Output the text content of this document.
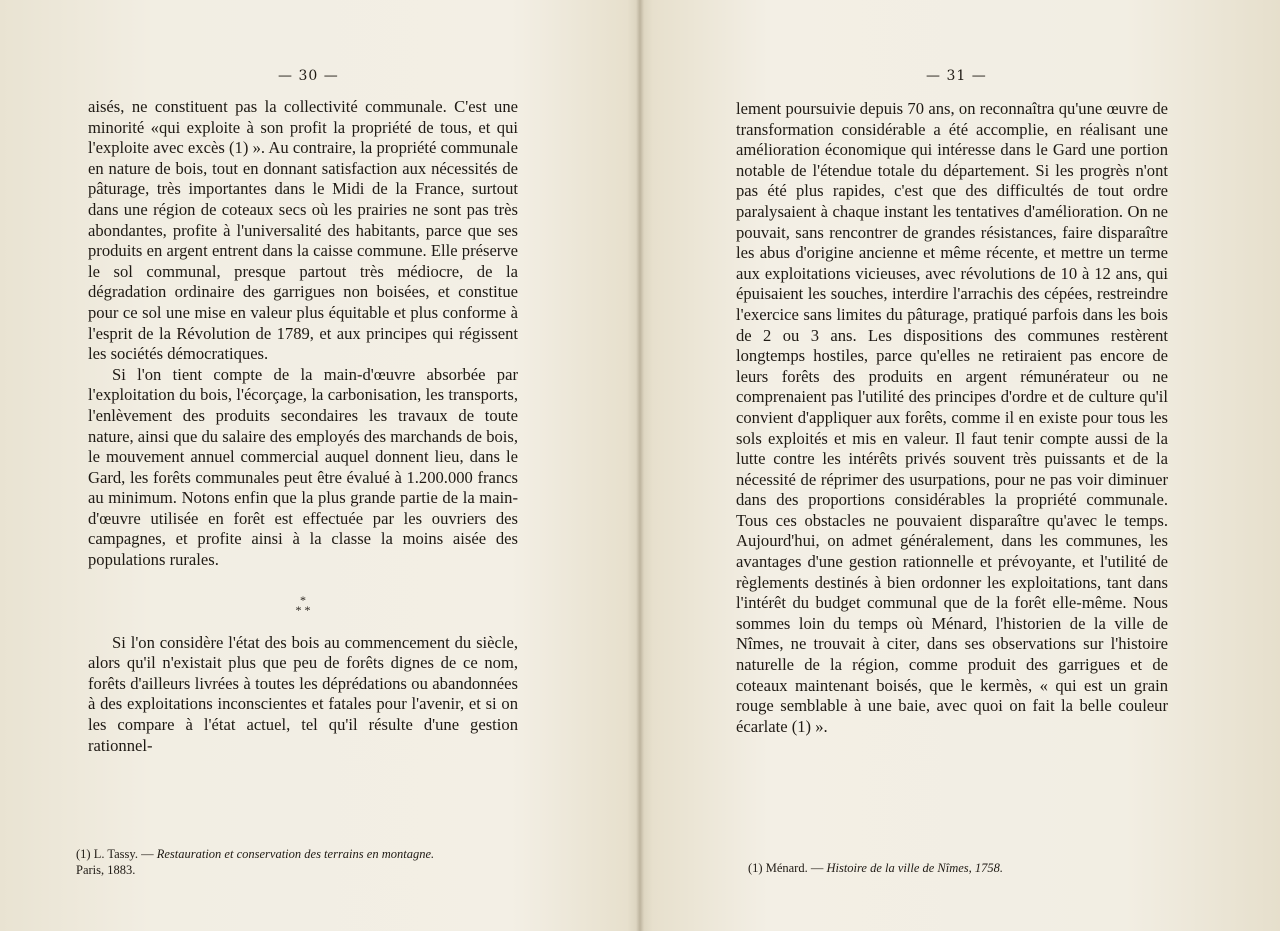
— 30 —

aisés, ne constituent pas la collectivité communale. C'est une minorité «qui exploite à son profit la propriété de tous, et qui l'exploite avec excès (1) ». Au contraire, la propriété communale en nature de bois, tout en donnant satisfaction aux nécessités de pâturage, très importantes dans le Midi de la France, surtout dans une région de coteaux secs où les prairies ne sont pas très abondantes, profite à l'universalité des habitants, parce que ses produits en argent entrent dans la caisse commune. Elle préserve le sol communal, presque partout très médiocre, de la dégradation ordinaire des garrigues non boisées, et constitue pour ce sol une mise en valeur plus équitable et plus conforme à l'esprit de la Révolution de 1789, et aux principes qui régissent les sociétés démocratiques.

Si l'on tient compte de la main-d'œuvre absorbée par l'exploitation du bois, l'écorçage, la carbonisation, les transports, l'enlèvement des produits secondaires les travaux de toute nature, ainsi que du salaire des employés des marchands de bois, le mouvement annuel commercial auquel donnent lieu, dans le Gard, les forêts communales peut être évalué à 1.200.000 francs au minimum. Notons enfin que la plus grande partie de la main-d'œuvre utilisée en forêt est effectuée par les ouvriers des campagnes, et profite ainsi à la classe la moins aisée des populations rurales.

*
* *

Si l'on considère l'état des bois au commencement du siècle, alors qu'il n'existait plus que peu de forêts dignes de ce nom, forêts d'ailleurs livrées à toutes les déprédations ou abandonnées à des exploitations inconscientes et fatales pour l'avenir, et si on les compare à l'état actuel, tel qu'il résulte d'une gestion rationnel-

(1) L. Tassy. — Restauration et conservation des terrains en montagne.
Paris, 1883.
— 31 —

lement poursuivie depuis 70 ans, on reconnaîtra qu'une œuvre de transformation considérable a été accomplie, en réalisant une amélioration économique qui intéresse dans le Gard une portion notable de l'étendue totale du département. Si les progrès n'ont pas été plus rapides, c'est que des difficultés de tout ordre paralysaient à chaque instant les tentatives d'amélioration. On ne pouvait, sans rencontrer de grandes résistances, faire disparaître les abus d'origine ancienne et même récente, et mettre un terme aux exploitations vicieuses, avec révolutions de 10 à 12 ans, qui épuisaient les souches, interdire l'arrachis des cépées, restreindre l'exercice sans limites du pâturage, pratiqué parfois dans les bois de 2 ou 3 ans. Les dispositions des communes restèrent longtemps hostiles, parce qu'elles ne retiraient pas encore de leurs forêts des produits en argent rémunérateur ou ne comprenaient pas l'utilité des principes d'ordre et de culture qu'il convient d'appliquer aux forêts, comme il en existe pour tous les sols exploités et mis en valeur. Il faut tenir compte aussi de la lutte contre les intérêts privés souvent très puissants et de la nécessité de réprimer des usurpations, pour ne pas voir diminuer dans des proportions considérables la propriété communale. Tous ces obstacles ne pouvaient disparaître qu'avec le temps. Aujourd'hui, on admet généralement, dans les communes, les avantages d'une gestion rationnelle et prévoyante, et l'utilité de règlements destinés à bien ordonner les exploitations, tant dans l'intérêt du budget communal que de la forêt elle-même. Nous sommes loin du temps où Ménard, l'historien de la ville de Nîmes, ne trouvait à citer, dans ses observations sur l'histoire naturelle de la région, comme produit des garrigues et de coteaux maintenant boisés, que le kermès, « qui est un grain rouge semblable à une baie, avec quoi on fait la belle couleur écarlate (1) ».

(1) Ménard. — Histoire de la ville de Nîmes, 1758.
